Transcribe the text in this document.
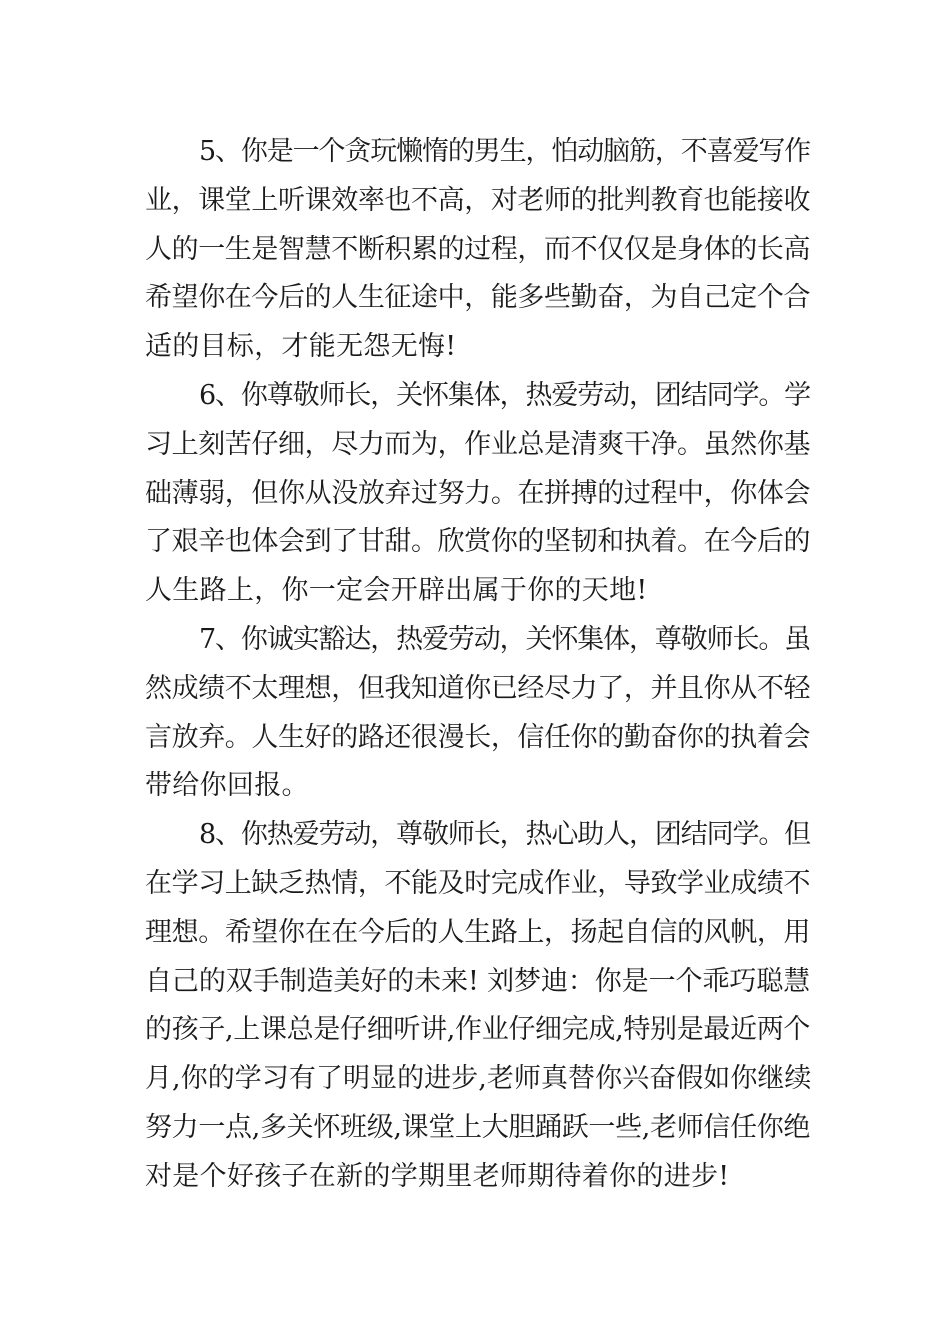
5、你是一个贪玩懒惰的男生，怕动脑筋，不喜爱写作
业，课堂上听课效率也不高，对老师的批判教育也能接收
人的一生是智慧不断积累的过程，而不仅仅是身体的长高
希望你在今后的人生征途中，能多些勤奋，为自己定个合
适的目标，才能无怨无悔!
6、你尊敬师长，关怀集体，热爱劳动，团结同学。学
习上刻苦仔细，尽力而为，作业总是清爽干净。虽然你基
础薄弱，但你从没放弃过努力。在拼搏的过程中，你体会
了艰辛也体会到了甘甜。欣赏你的坚韧和执着。在今后的
人生路上，你一定会开辟出属于你的天地!
7、你诚实豁达，热爱劳动，关怀集体，尊敬师长。虽
然成绩不太理想，但我知道你已经尽力了，并且你从不轻
言放弃。人生好的路还很漫长，信任你的勤奋你的执着会
带给你回报。
8、你热爱劳动，尊敬师长，热心助人，团结同学。但
在学习上缺乏热情，不能及时完成作业，导致学业成绩不
理想。希望你在在今后的人生路上，扬起自信的风帆，用
自己的双手制造美好的未来! 刘梦迪：你是一个乖巧聪慧
的孩子,上课总是仔细听讲,作业仔细完成,特别是最近两个
月,你的学习有了明显的进步,老师真替你兴奋假如你继续
努力一点,多关怀班级,课堂上大胆踊跃一些,老师信任你绝
对是个好孩子在新的学期里老师期待着你的进步!
